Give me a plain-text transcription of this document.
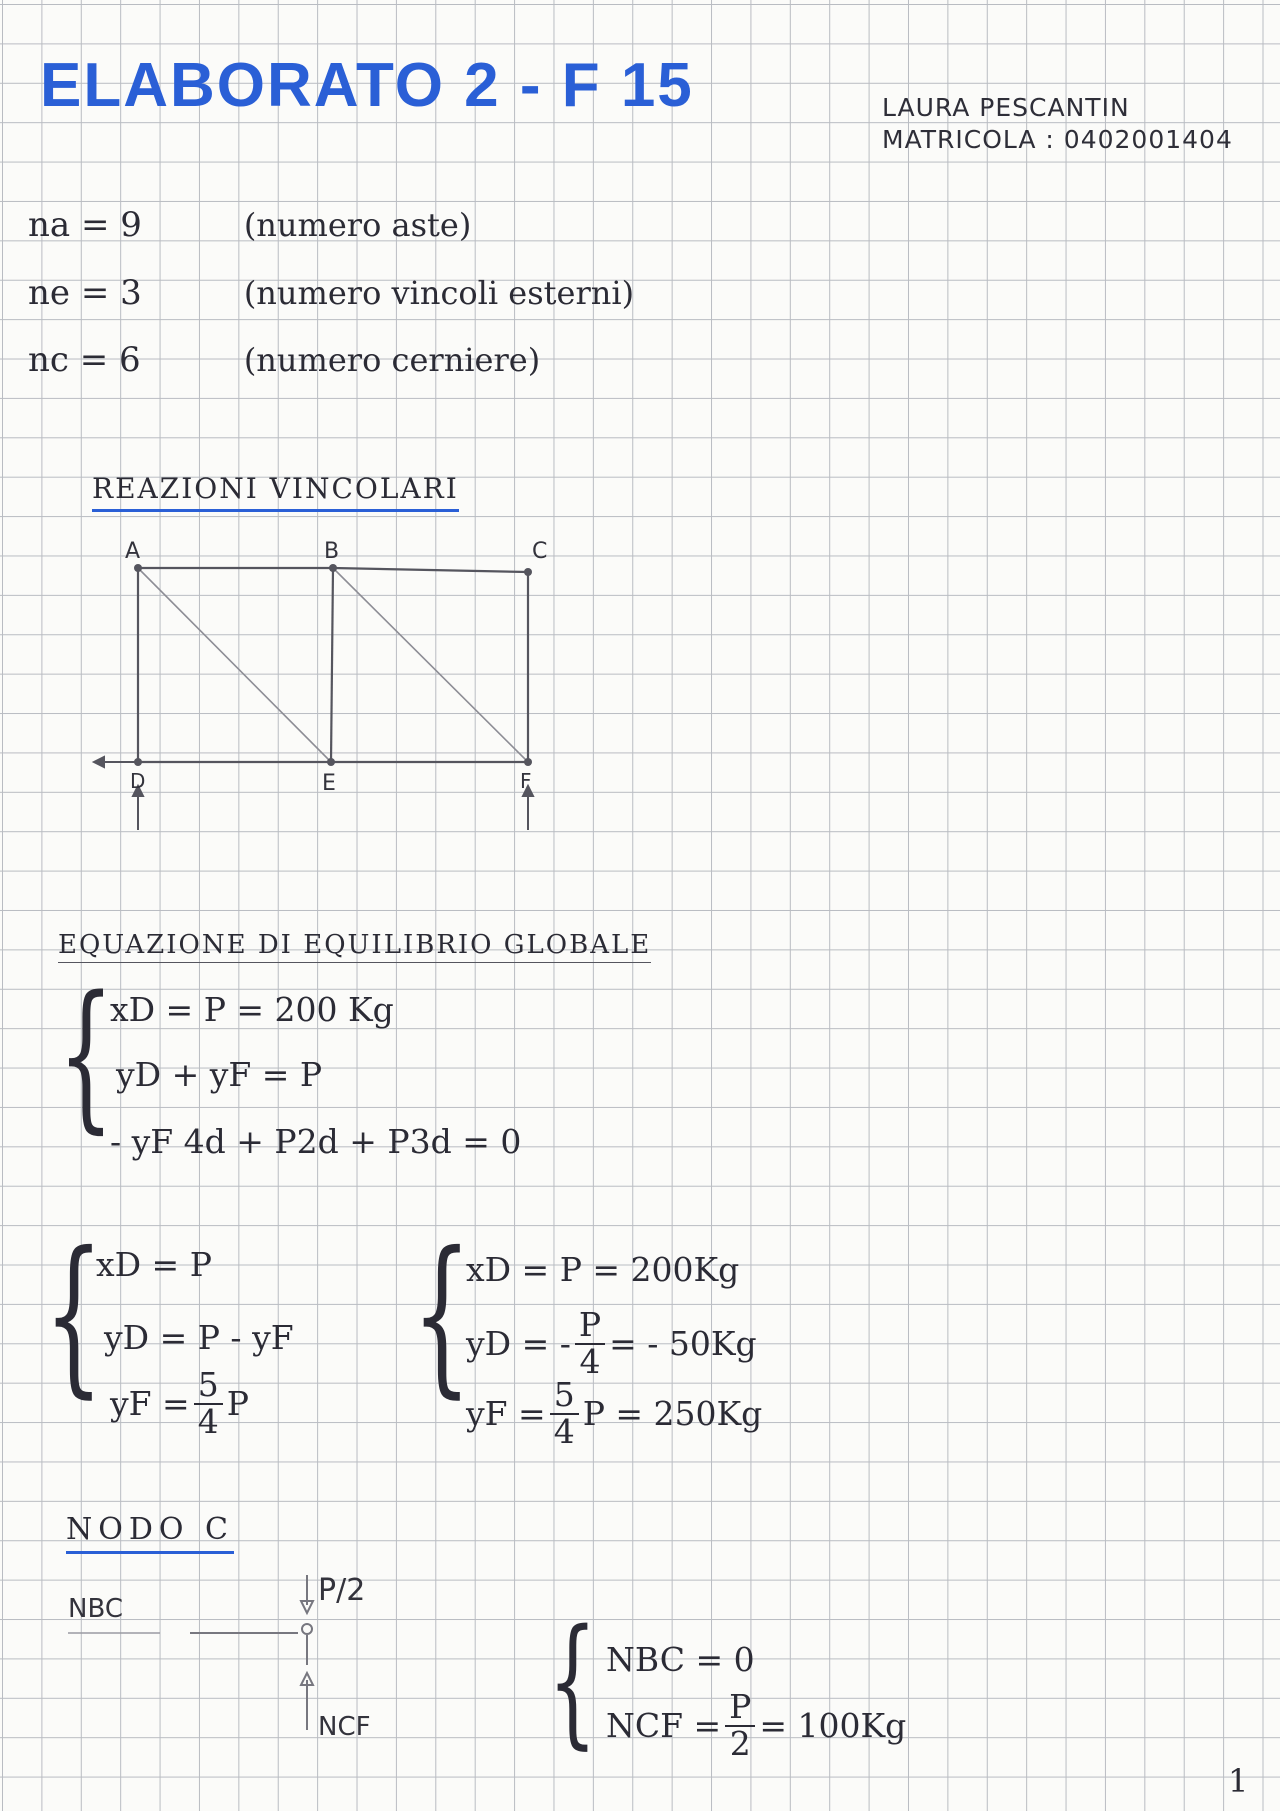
ELABORATO 2 - F 15	LAURA PESCANTIN
MATRICOLA : 0402001404
na = 9	(numero aste)
ne = 3	(numero vincoli esterni)
nc = 6	(numero cerniere)
REAZIONI VINCOLARI
A	B	C
D	E	F
EQUAZIONE DI EQUILIBRIO GLOBALE
{
xD = P = 200 Kg
yD + yF = P
- yF 4d + P2d + P3d = 0
{
xD = P
yD = P - yF
yF = $\frac{5}{4}$ P {
xD = P = 200Kg
yD = - $\frac{P}{4}$ = - 50Kg
yF = $\frac{5}{4}$ P = 250Kg
NODO C
P/2
NBC
NCF { NBC = 0
NCF = $\frac{P}{2} = 100Kg$
1
